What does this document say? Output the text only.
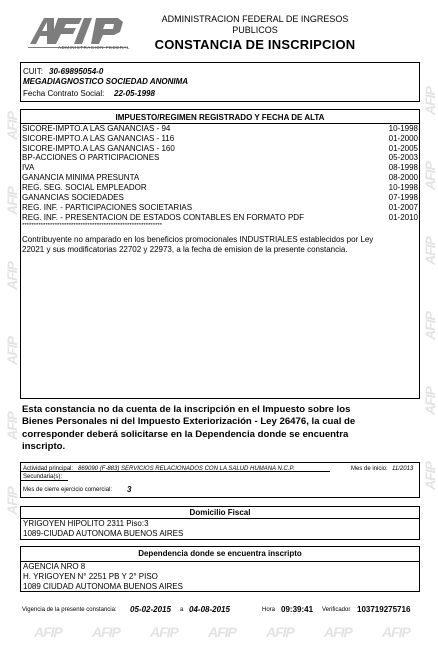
AFIP
AFIP
AFIP
AFIP
AFIP
AFIP
AFIP
AFIP
AFIP
AFIP
AFIP
AFIP
ADMINISTRACION FEDERAL
ADMINISTRACION FEDERAL DE INGRESOS
PUBLICOS
CONSTANCIA DE INSCRIPCION
CUIT: 30-69895054-0
MEGADIAGNOSTICO SOCIEDAD ANONIMA
Fecha Contrato Social: 22-05-1998
IMPUESTO/REGIMEN REGISTRADO Y FECHA DE ALTA
SICORE-IMPTO.A LAS GANANCIAS - 94	10-1998
SICORE-IMPTO.A LAS GANANCIAS - 116	01-2000
SICORE-IMPTO.A LAS GANANCIAS - 160	01-2005
BP-ACCIONES O PARTICIPACIONES	05-2003
IVA	08-1998
GANANCIA MINIMA PRESUNTA	08-2000
REG. SEG. SOCIAL EMPLEADOR	10-1998
GANANCIAS SOCIEDADES	07-1998
REG. INF. - PARTICIPACIONES SOCIETARIAS	01-2007
REG. INF. - PRESENTACION DE ESTADOS CONTABLES EN FORMATO PDF	01-2010
************************************************************
Contribuyente no amparado en los beneficios promocionales INDUSTRIALES establecidos por Ley
22021 y sus modificatorias 22702 y 22973, a la fecha de emision de la presente constancia.
Esta constancia no da cuenta de la inscripción en el Impuesto sobre los
Bienes Personales ni del Impuesto Exteriorización - Ley 26476, la cual de
corresponder deberá solicitarse en la Dependencia donde se encuentra
inscripto.
Actividad principal: 869090 (F-883) SERVICIOS RELACIONADOS CON LA SALUD HUMANA N.C.P.	Mes de inicio: 11/2013
Secundaria(s):
Mes de cierre ejercicio comercial: 3
Domicilio Fiscal
YRIGOYEN HIPOLITO 2311 Piso:3
1089-CIUDAD AUTONOMA BUENOS AIRES
Dependencia donde se encuentra inscripto
AGENCIA NRO 8
H. YRIGOYEN N° 2251 PB Y 2° PISO
1089 CIUDAD AUTONOMA BUENOS AIRES
Vigencia de la presente constancia: 05-02-2015 a 04-08-2015	Hora 09:39:41 Verificador 103719275716
AFIP AFIP AFIP AFIP AFIP AFIP AFIP
